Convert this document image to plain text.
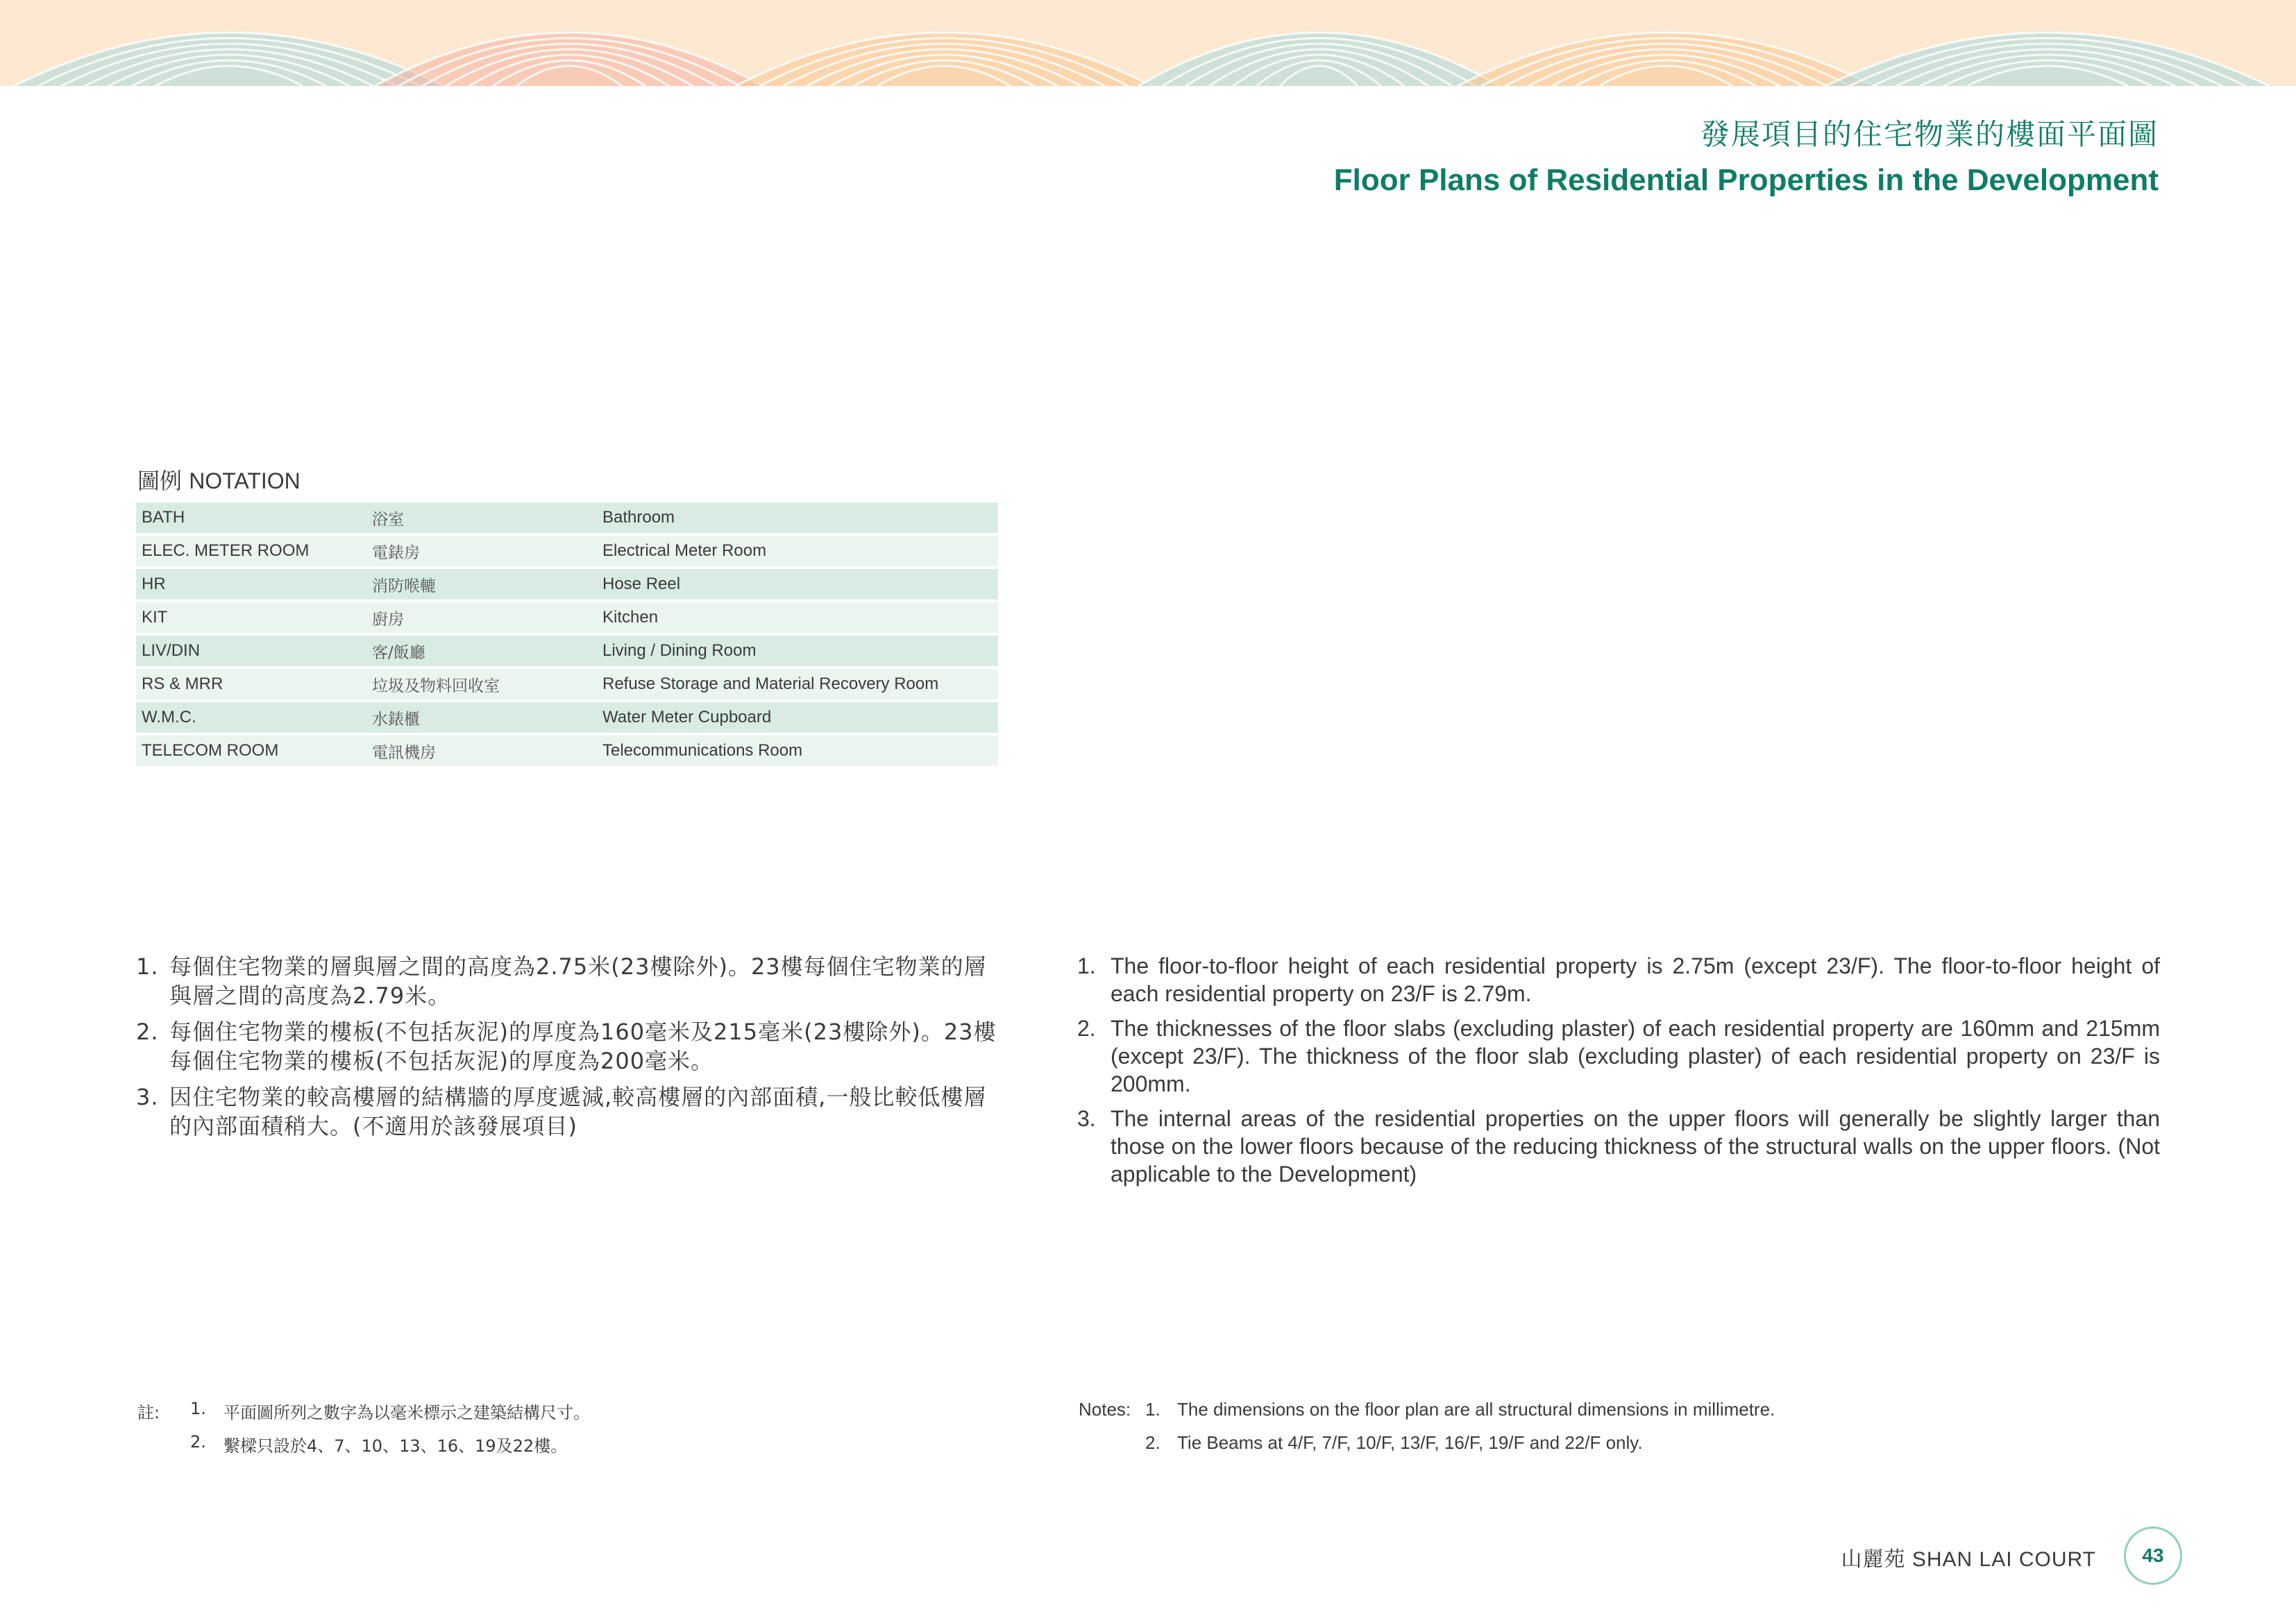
發展項目的住宅物業的樓面平面圖
Floor Plans of Residential Properties in the Development
圖例 NOTATION
BATH	浴室	Bathroom
ELEC. METER ROOM	電錶房	Electrical Meter Room
HR	消防喉轆	Hose Reel
KIT	廚房	Kitchen
LIV/DIN	客/飯廳	Living / Dining Room
RS & MRR	垃圾及物料回收室	Refuse Storage and Material Recovery Room
W.M.C.	水錶櫃	Water Meter Cupboard
TELECOM ROOM	電訊機房	Telecommunications Room
1. 每個住宅物業的層與層之間的高度為2.75米(23樓除外)。23樓每個住宅物業的層與層之間的高度為2.79米。
2. 每個住宅物業的樓板(不包括灰泥)的厚度為160毫米及215毫米(23樓除外)。23樓每個住宅物業的樓板(不包括灰泥)的厚度為200毫米。
3. 因住宅物業的較高樓層的結構牆的厚度遞減,較高樓層的內部面積,一般比較低樓層的內部面積稍大。(不適用於該發展項目)
1. The floor-to-floor height of each residential property is 2.75m (except 23/F). The floor-to-floor height of each residential property on 23/F is 2.79m.
2. The thicknesses of the floor slabs (excluding plaster) of each residential property are 160mm and 215mm (except 23/F). The thickness of the floor slab (excluding plaster) of each residential property on 23/F is 200mm.
3. The internal areas of the residential properties on the upper floors will generally be slightly larger than those on the lower floors because of the reducing thickness of the structural walls on the upper floors. (Not applicable to the Development)
註: 1. 平面圖所列之數字為以毫米標示之建築結構尺寸。
2. 繫樑只設於4、7、10、13、16、19及22樓。
Notes: 1. The dimensions on the floor plan are all structural dimensions in millimetre.
2. Tie Beams at 4/F, 7/F, 10/F, 13/F, 16/F, 19/F and 22/F only.
山麗苑 SHAN LAI COURT 43
